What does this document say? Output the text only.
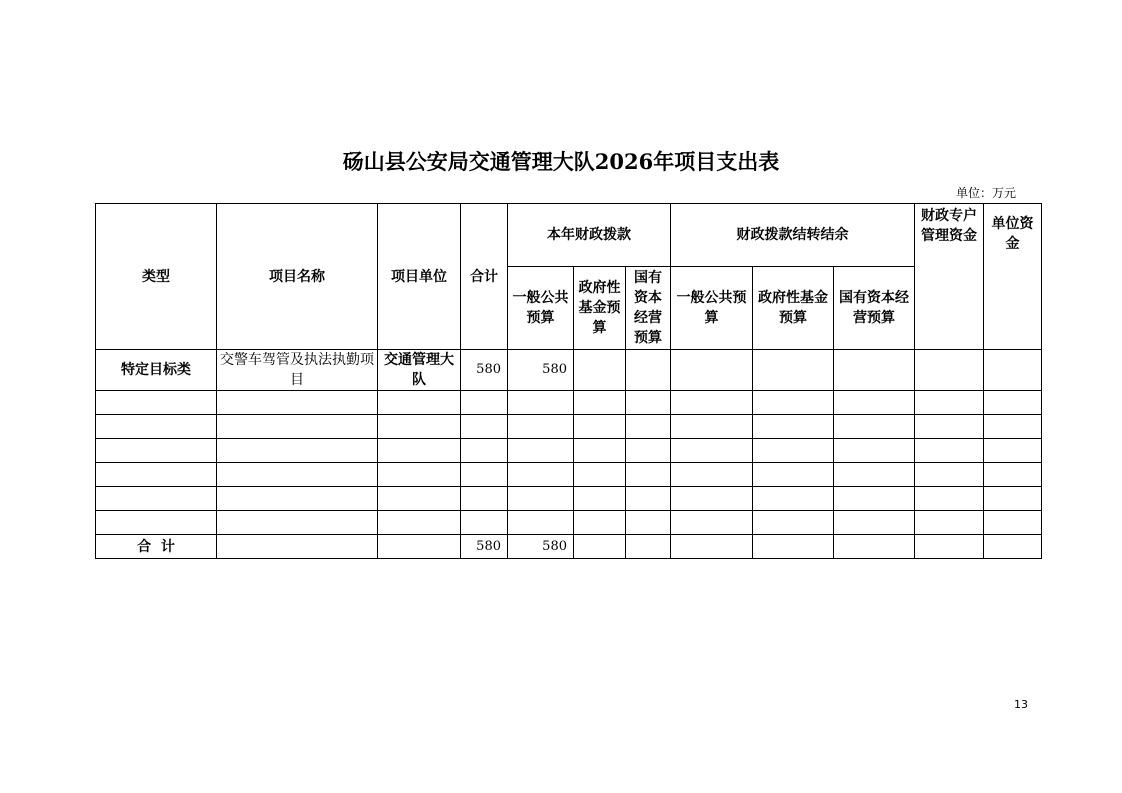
砀山县公安局交通管理大队2026年项目支出表
单位：万元
类型	项目名称	项目单位	合计	本年财政拨款			财政拨款结转结余			财政专户管理资金	单位资金
				一般公共预算	政府性基金预算	国有资本经营预算	一般公共预算	政府性基金预算	国有资本经营预算		
特定目标类	交警车驾管及执法执勤项目	交通管理大队	580	580							

合  计			580	580							
13
